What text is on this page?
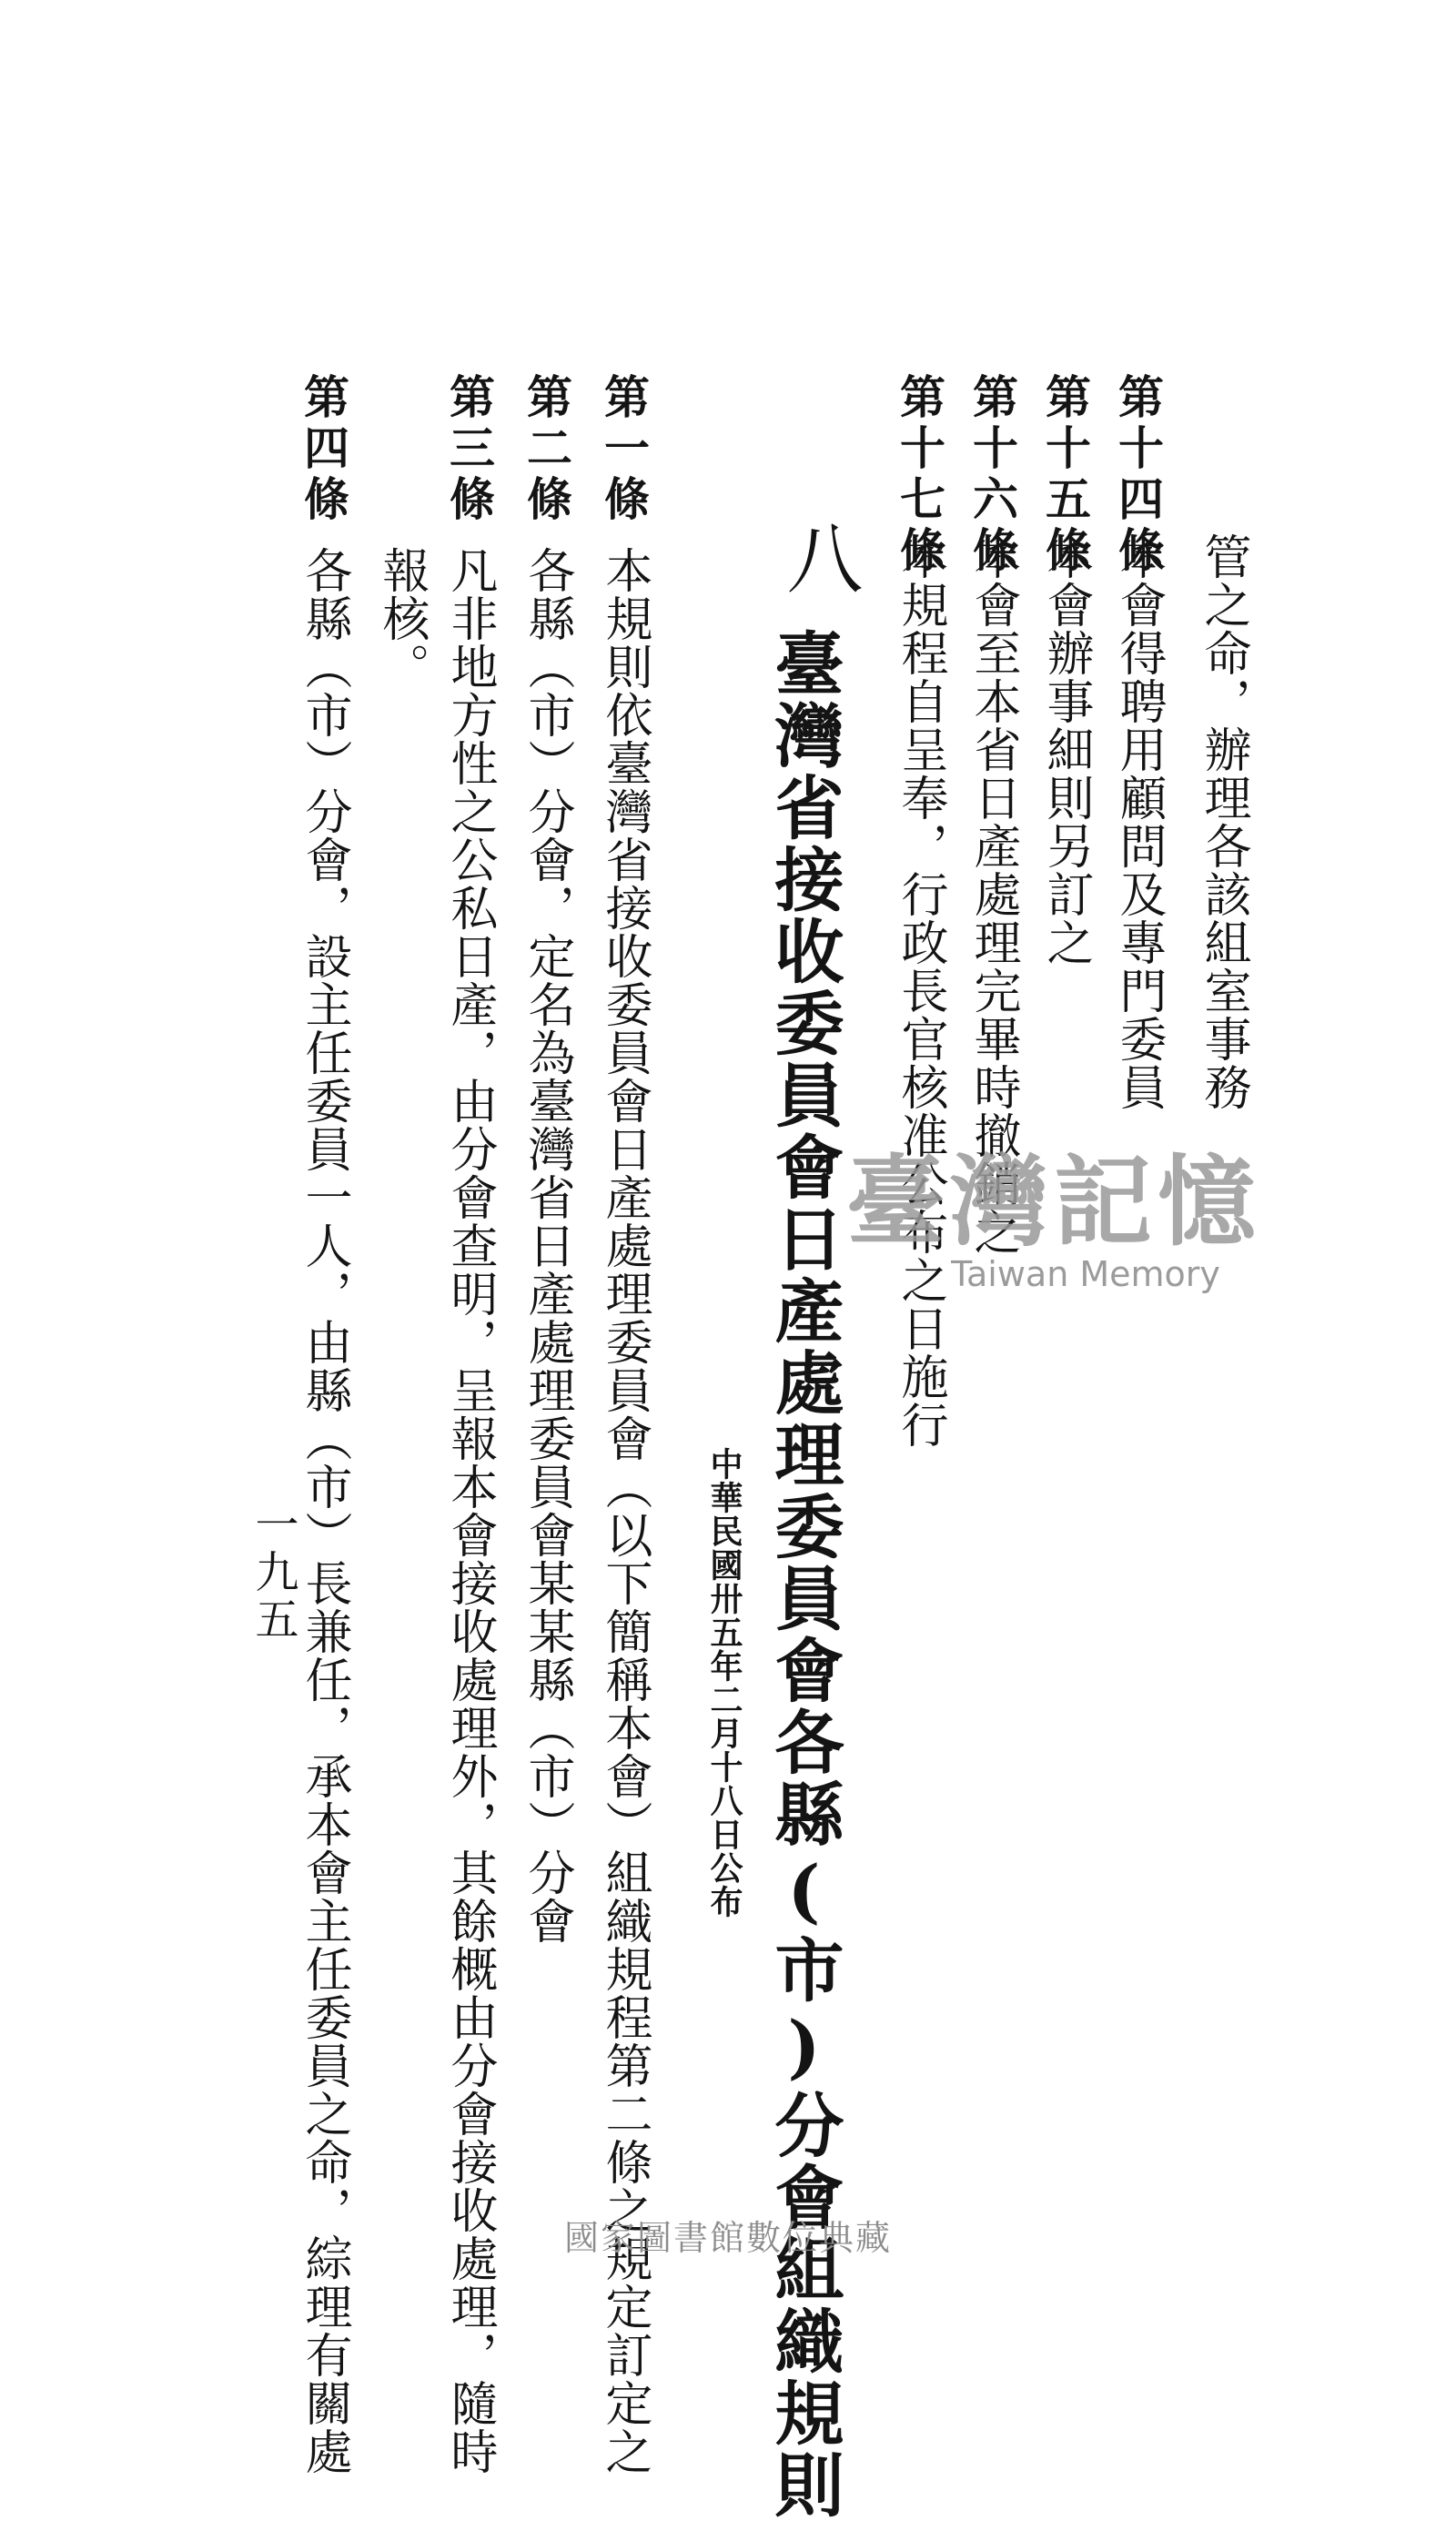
管之命，辦理各該組室事務
第十四條
本會得聘用顧問及專門委員
第十五條
本會辦事細則另訂之
第十六條
本會至本省日產處理完畢時撤銷之
第十七條
本規程自呈奉，行政長官核准公布之日施行
八
臺灣省接收委員會日產處理委員會各縣(市)分會組織規則
中華民國卅五年二月十八日公布
第一條
本規則依臺灣省接收委員會日產處理委員會（以下簡稱本會）組織規程第二條之規定訂定之
第二條
各縣（市）分會，定名為臺灣省日產處理委員會某某縣（市）分會
第三條
凡非地方性之公私日產，由分會查明，呈報本會接收處理外，其餘概由分會接收處理，隨時
報核。
第四條
各縣（市）分會，設主任委員一人，由縣（市）長兼任，承本會主任委員之命，綜理有關處
一九五
臺灣記憶
Taiwan Memory
國家圖書館數位典藏
